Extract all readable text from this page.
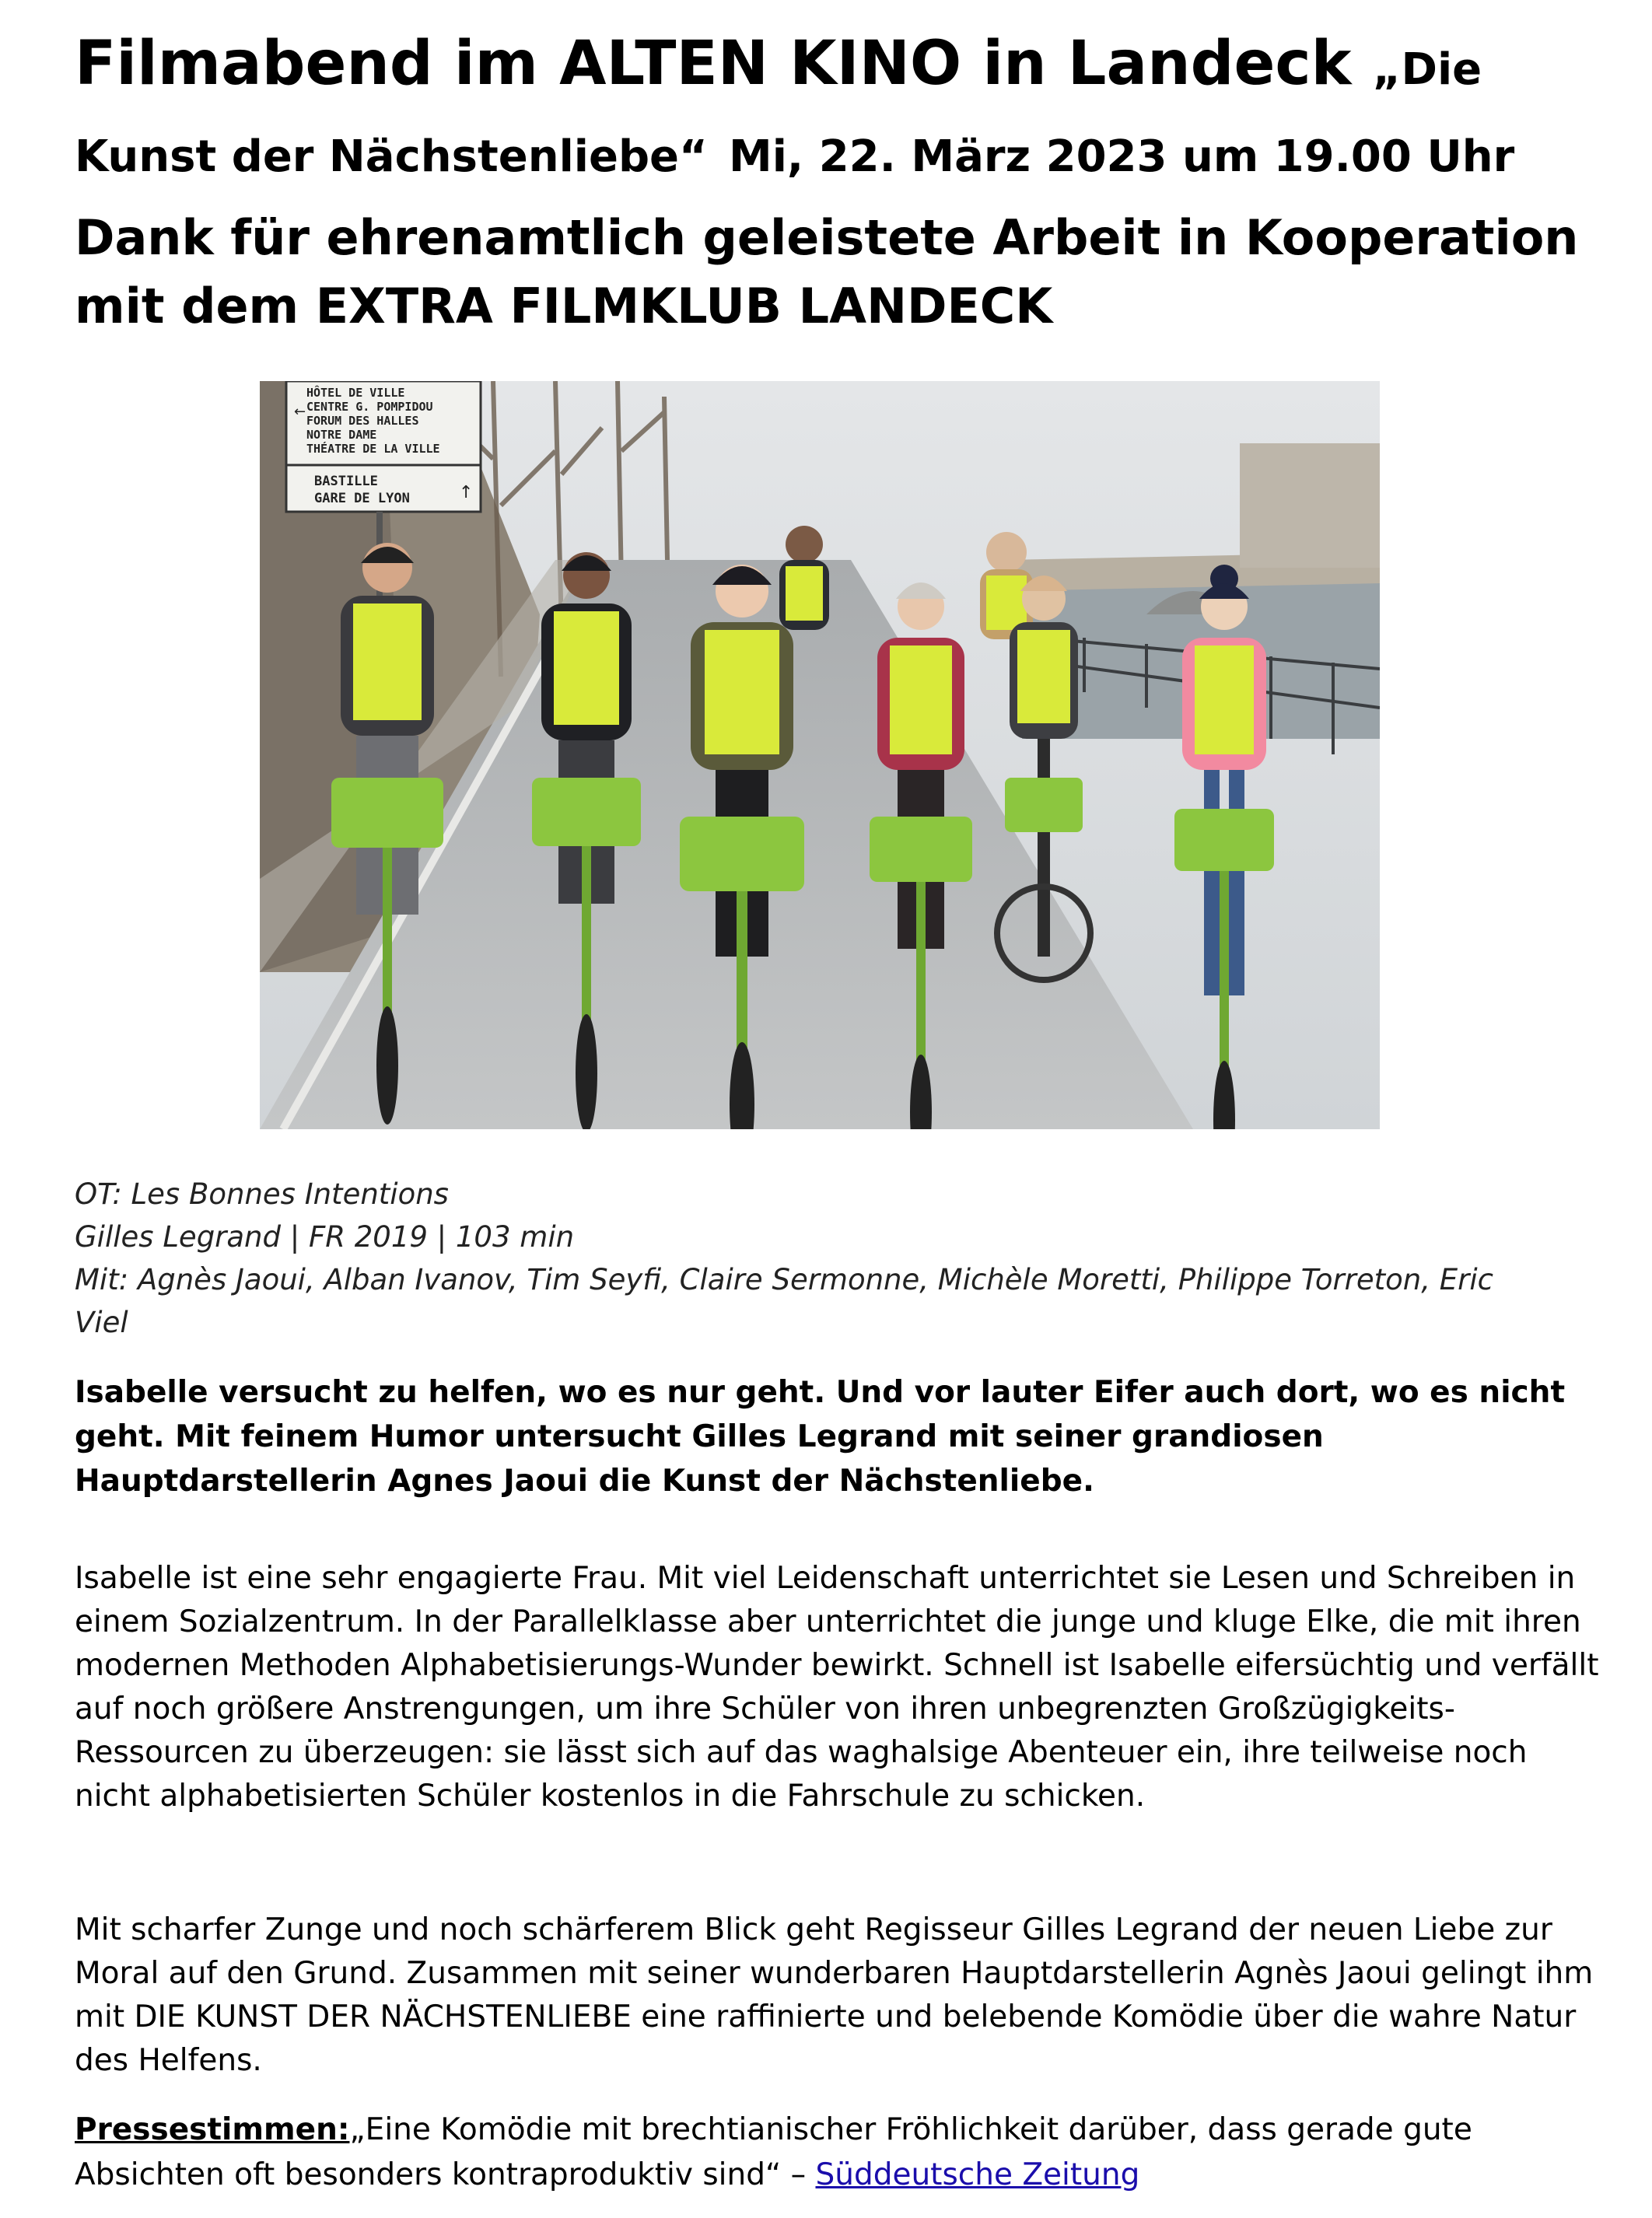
Filmabend im ALTEN KINO in Landeck „Die Kunst der Nächstenliebe“ Mi, 22. März 2023 um 19.00 Uhr
Dank für ehrenamtlich geleistete Arbeit in Kooperation mit dem EXTRA FILMKLUB LANDECK
HÔTEL DE VILLE
CENTRE G. POMPIDOU
FORUM DES HALLES
NOTRE DAME
THÉATRE DE LA VILLE
←
BASTILLE
GARE DE LYON	↑
OT: Les Bonnes Intentions
Gilles Legrand | FR 2019 | 103 min
Mit: Agnès Jaoui, Alban Ivanov, Tim Seyfi, Claire Sermonne, Michèle Moretti, Philippe Torreton, Eric
Viel

Isabelle versucht zu helfen, wo es nur geht. Und vor lauter Eifer auch dort, wo es nicht geht. Mit feinem Humor untersucht Gilles Legrand mit seiner grandiosen Hauptdarstellerin Agnes Jaoui die Kunst der Nächstenliebe.

Isabelle ist eine sehr engagierte Frau. Mit viel Leidenschaft unterrichtet sie Lesen und Schreiben in einem Sozialzentrum. In der Parallelklasse aber unterrichtet die junge und kluge Elke, die mit ihren modernen Methoden Alphabetisierungs-Wunder bewirkt. Schnell ist Isabelle eifersüchtig und verfällt auf noch größere Anstrengungen, um ihre Schüler von ihren unbegrenzten Großzügigkeits-Ressourcen zu überzeugen: sie lässt sich auf das waghalsige Abenteuer ein, ihre teilweise noch nicht alphabetisierten Schüler kostenlos in die Fahrschule zu schicken.

Mit scharfer Zunge und noch schärferem Blick geht Regisseur Gilles Legrand der neuen Liebe zur Moral auf den Grund. Zusammen mit seiner wunderbaren Hauptdarstellerin Agnès Jaoui gelingt ihm mit DIE KUNST DER NÄCHSTENLIEBE eine raffinierte und belebende Komödie über die wahre Natur des Helfens.

Pressestimmen:„Eine Komödie mit brechtianischer Fröhlichkeit darüber, dass gerade gute Absichten oft besonders kontraproduktiv sind“ – Süddeutsche Zeitung
